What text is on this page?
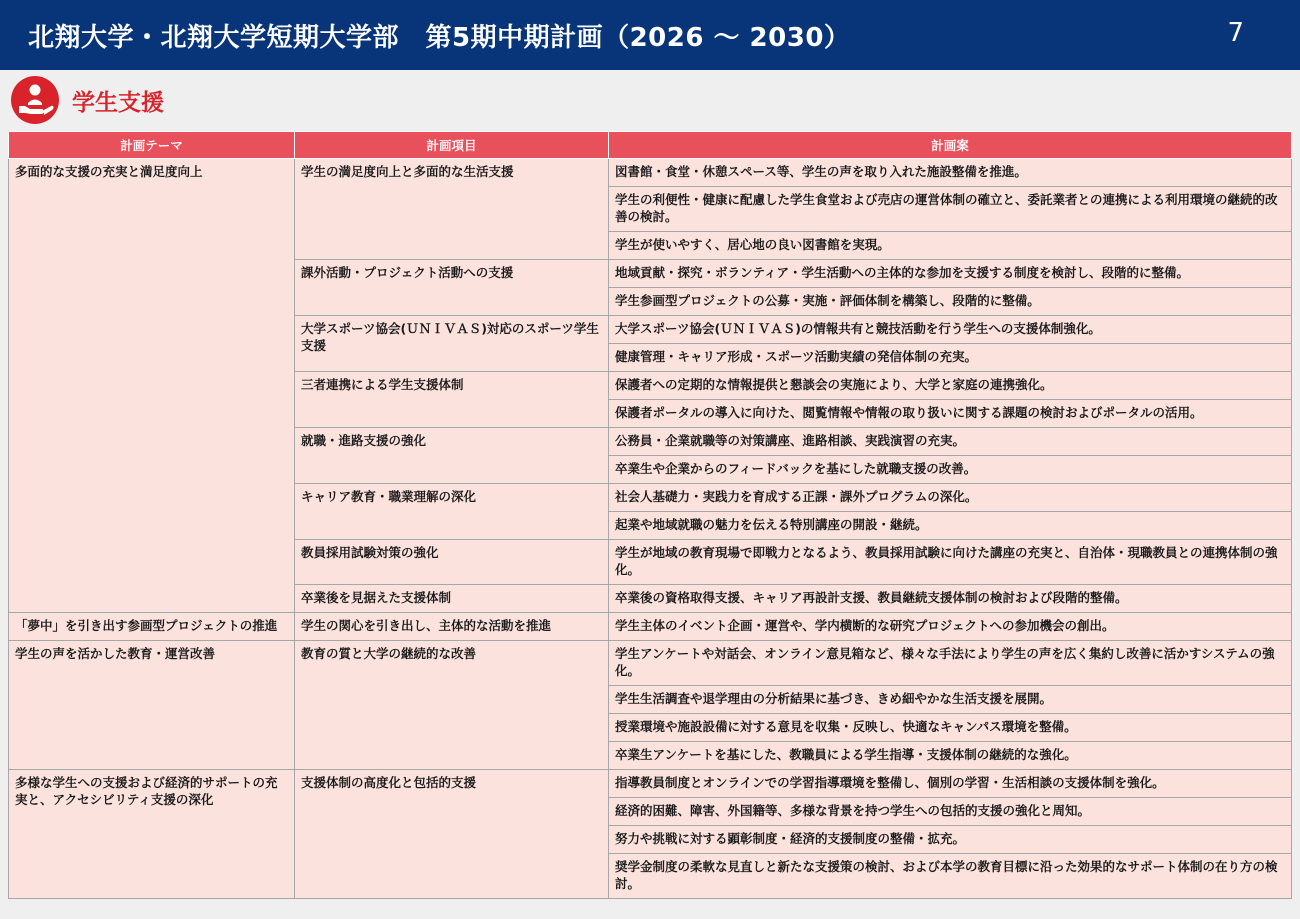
北翔大学・北翔大学短期大学部　第5期中期計画（2026 ～ 2030）	7
学生支援
計画テーマ	計画項目	計画案
多面的な支援の充実と満足度向上	学生の満足度向上と多面的な生活支援	図書館・食堂・休憩スペース等、学生の声を取り入れた施設整備を推進。
		学生の利便性・健康に配慮した学生食堂および売店の運営体制の確立と、委託業者との連携による利用環境の継続的改善の検討。
		学生が使いやすく、居心地の良い図書館を実現。
	課外活動・プロジェクト活動への支援	地域貢献・探究・ボランティア・学生活動への主体的な参加を支援する制度を検討し、段階的に整備。
		学生参画型プロジェクトの公募・実施・評価体制を構築し、段階的に整備。
	大学スポーツ協会(ＵＮＩＶＡＳ)対応のスポーツ学生支援	大学スポーツ協会(ＵＮＩＶＡＳ)の情報共有と競技活動を行う学生への支援体制強化。
		健康管理・キャリア形成・スポーツ活動実績の発信体制の充実。
	三者連携による学生支援体制	保護者への定期的な情報提供と懇談会の実施により、大学と家庭の連携強化。
		保護者ポータルの導入に向けた、閲覧情報や情報の取り扱いに関する課題の検討およびポータルの活用。
	就職・進路支援の強化	公務員・企業就職等の対策講座、進路相談、実践演習の充実。
		卒業生や企業からのフィードバックを基にした就職支援の改善。
	キャリア教育・職業理解の深化	社会人基礎力・実践力を育成する正課・課外プログラムの深化。
		起業や地域就職の魅力を伝える特別講座の開設・継続。
	教員採用試験対策の強化	学生が地域の教育現場で即戦力となるよう、教員採用試験に向けた講座の充実と、自治体・現職教員との連携体制の強化。
	卒業後を見据えた支援体制	卒業後の資格取得支援、キャリア再設計支援、教員継続支援体制の検討および段階的整備。
「夢中」を引き出す参画型プロジェクトの推進	学生の関心を引き出し、主体的な活動を推進	学生主体のイベント企画・運営や、学内横断的な研究プロジェクトへの参加機会の創出。
学生の声を活かした教育・運営改善	教育の質と大学の継続的な改善	学生アンケートや対話会、オンライン意見箱など、様々な手法により学生の声を広く集約し改善に活かすシステムの強化。
		学生生活調査や退学理由の分析結果に基づき、きめ細やかな生活支援を展開。
		授業環境や施設設備に対する意見を収集・反映し、快適なキャンパス環境を整備。
		卒業生アンケートを基にした、教職員による学生指導・支援体制の継続的な強化。
多様な学生への支援および経済的サポートの充実と、アクセシビリティ支援の深化	支援体制の高度化と包括的支援	指導教員制度とオンラインでの学習指導環境を整備し、個別の学習・生活相談の支援体制を強化。
		経済的困難、障害、外国籍等、多様な背景を持つ学生への包括的支援の強化と周知。
		努力や挑戦に対する顕彰制度・経済的支援制度の整備・拡充。
		奨学金制度の柔軟な見直しと新たな支援策の検討、および本学の教育目標に沿った効果的なサポート体制の在り方の検討。
